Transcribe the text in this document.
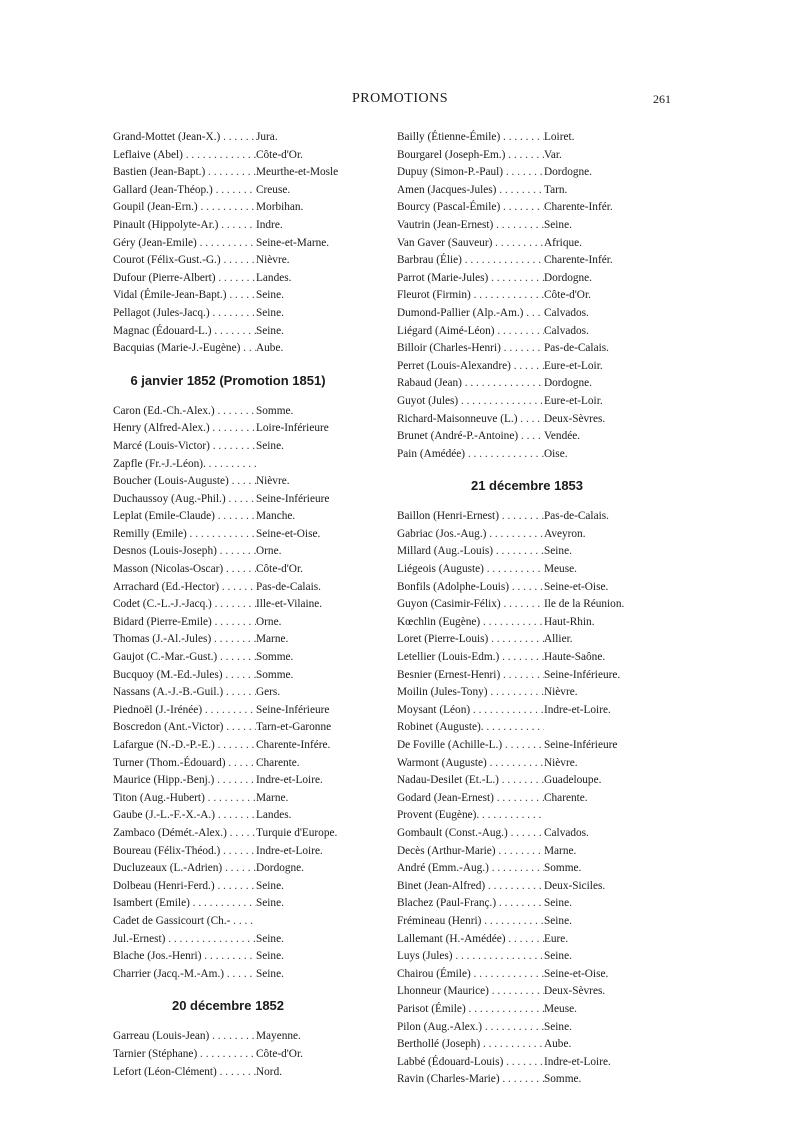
PROMOTIONS	261
Grand-Mottet (Jean-X.) . . .	Jura.
Leflaive (Abel) . . .	Côte-d'Or.
Bastien (Jean-Bapt.) . . .	Meurthe-et-Mosle
Gallard (Jean-Théop.) . . .	Creuse.
Goupil (Jean-Ern.) . . .	Morbihan.
Pinault (Hippolyte-Ar.) . . .	Indre.
Géry (Jean-Emile) . . .	Seine-et-Marne.
Courot (Félix-Gust.-G.) . . .	Nièvre.
Dufour (Pierre-Albert) . . .	Landes.
Vidal (Émile-Jean-Bapt.) . . .	Seine.
Pellagot (Jules-Jacq.) . . .	Seine.
Magnac (Édouard-L.) . . .	Seine.
Bacquias (Marie-J.-Eugène) . . .	Aube.
6 janvier 1852 (Promotion 1851)
Caron (Ed.-Ch.-Alex.) . . .	Somme.
Henry (Alfred-Alex.) . . .	Loire-Inférieure
Marcé (Louis-Victor) . . .	Seine.
Zapfle (Fr.-J.-Léon). . . .
Boucher (Louis-Auguste) . . .	Nièvre.
Duchaussoy (Aug.-Phil.) . . .	Seine-Inférieure
Leplat (Emile-Claude) . . .	Manche.
Remilly (Emile) . . .	Seine-et-Oise.
Desnos (Louis-Joseph) . . .	Orne.
Masson (Nicolas-Oscar) . . .	Côte-d'Or.
Arrachard (Ed.-Hector) . . .	Pas-de-Calais.
Codet (C.-L.-J.-Jacq.) . . .	Ille-et-Vilaine.
Bidard (Pierre-Emile) . . .	Orne.
Thomas (J.-Al.-Jules) . . .	Marne.
Gaujot (C.-Mar.-Gust.) . . .	Somme.
Bucquoy (M.-Ed.-Jules) . . .	Somme.
Nassans (A.-J.-B.-Guil.) . . .	Gers.
Piednoël (J.-Irénée) . . .	Seine-Inférieure
Boscredon (Ant.-Victor) . . .	Tarn-et-Garonne
Lafargue (N.-D.-P.-E.) . . .	Charente-Infére.
Turner (Thom.-Édouard) . . .	Charente.
Maurice (Hipp.-Benj.) . . .	Indre-et-Loire.
Titon (Aug.-Hubert) . . .	Marne.
Gaube (J.-L.-F.-X.-A.) . . .	Landes.
Zambaco (Démét.-Alex.) . . .	Turquie d'Europe.
Boureau (Félix-Théod.) . . .	Indre-et-Loire.
Ducluzeaux (L.-Adrien) . . .	Dordogne.
Dolbeau (Henri-Ferd.) . . .	Seine.
Isambert (Emile) . . .	Seine.
Cadet de Gassicourt (Ch.- . . .
Jul.-Ernest) . . .	Seine.
Blache (Jos.-Henri) . . .	Seine.
Charrier (Jacq.-M.-Am.) . . .	Seine.
20 décembre 1852
Garreau (Louis-Jean) . . .	Mayenne.
Tarnier (Stéphane) . . .	Côte-d'Or.
Lefort (Léon-Clément) . . .	Nord.
Bailly (Étienne-Émile) . . .	Loiret.
Bourgarel (Joseph-Em.) . . .	Var.
Dupuy (Simon-P.-Paul) . . .	Dordogne.
Amen (Jacques-Jules) . . .	Tarn.
Bourcy (Pascal-Émile) . . .	Charente-Infér.
Vautrin (Jean-Ernest) . . .	Seine.
Van Gaver (Sauveur) . . .	Afrique.
Barbrau (Élie) . . .	Charente-Infér.
Parrot (Marie-Jules) . . .	Dordogne.
Fleurot (Firmin) . . .	Côte-d'Or.
Dumond-Pallier (Alp.-Am.) . . .	Calvados.
Liégard (Aimé-Léon) . . .	Calvados.
Billoir (Charles-Henri) . . .	Pas-de-Calais.
Perret (Louis-Alexandre) . . .	Eure-et-Loir.
Rabaud (Jean) . . .	Dordogne.
Guyot (Jules) . . .	Eure-et-Loir.
Richard-Maisonneuve (L.) . . .	Deux-Sèvres.
Brunet (André-P.-Antoine) . . .	Vendée.
Pain (Amédée) . . .	Oise.
21 décembre 1853
Baillon (Henri-Ernest) . . .	Pas-de-Calais.
Gabriac (Jos.-Aug.) . . .	Aveyron.
Millard (Aug.-Louis) . . .	Seine.
Liégeois (Auguste) . . .	Meuse.
Bonfils (Adolphe-Louis) . . .	Seine-et-Oise.
Guyon (Casimir-Félix) . . .	Ile de la Réunion.
Kœchlin (Eugène) . . .	Haut-Rhin.
Loret (Pierre-Louis) . . .	Allier.
Letellier (Louis-Edm.) . . .	Haute-Saône.
Besnier (Ernest-Henri) . . .	Seine-Inférieure.
Moilin (Jules-Tony) . . .	Nièvre.
Moysant (Léon) . . .	Indre-et-Loire.
Robinet (Auguste). . . .
De Foville (Achille-L.) . . .	Seine-Inférieure
Warmont (Auguste) . . .	Nièvre.
Nadau-Desilet (Et.-L.) . . .	Guadeloupe.
Godard (Jean-Ernest) . . .	Charente.
Provent (Eugène). . . .
Gombault (Const.-Aug.) . . .	Calvados.
Decès (Arthur-Marie) . . .	Marne.
André (Emm.-Aug.) . . .	Somme.
Binet (Jean-Alfred) . . .	Deux-Siciles.
Blachez (Paul-Franç.) . . .	Seine.
Frémineau (Henri) . . .	Seine.
Lallemant (H.-Amédée) . . .	Eure.
Luys (Jules) . . .	Seine.
Chairou (Émile) . . .	Seine-et-Oise.
Lhonneur (Maurice) . . .	Deux-Sèvres.
Parisot (Émile) . . .	Meuse.
Pilon (Aug.-Alex.) . . .	Seine.
Berthollé (Joseph) . . .	Aube.
Labbé (Édouard-Louis) . . .	Indre-et-Loire.
Ravin (Charles-Marie) . . .	Somme.
